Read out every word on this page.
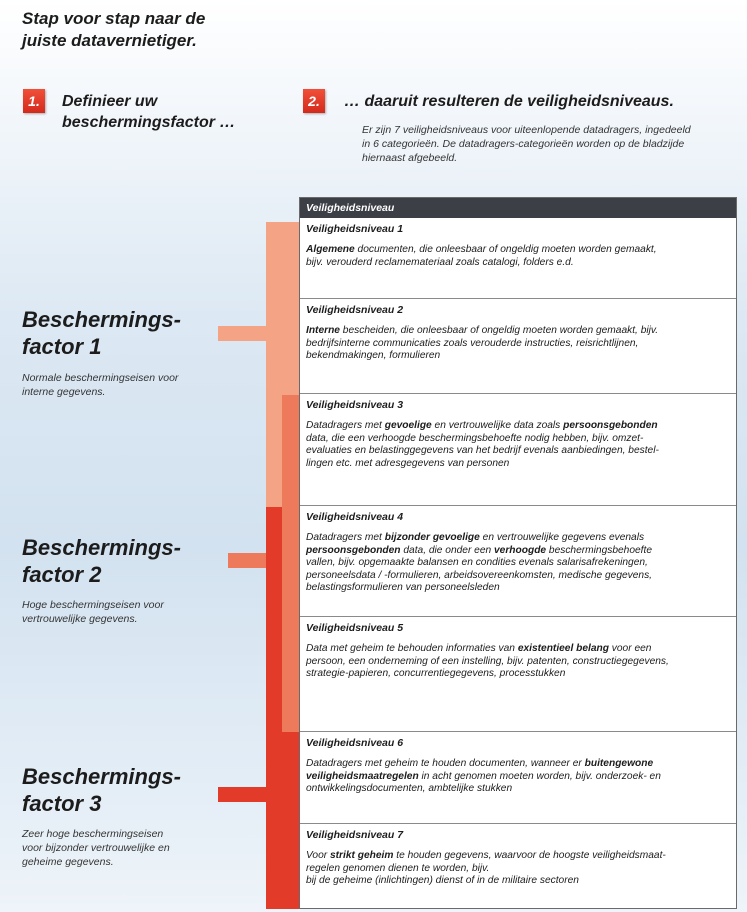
Stap voor stap naar de
juiste datavernietiger.
1.	Definieer uw
beschermingsfactor …
2.	… daaruit resulteren de veiligheidsniveaus.
Er zijn 7 veiligheidsniveaus voor uiteenlopende datadragers, ingedeeld
in 6 categorieën. De datadragers-categorieën worden op de bladzijde
hiernaast afgebeeld.
Beschermings-
factor 1
Normale beschermingseisen voor
interne gegevens.
Beschermings-
factor 2
Hoge beschermingseisen voor
vertrouwelijke gegevens.
Beschermings-
factor 3
Zeer hoge beschermingseisen
voor bijzonder vertrouwelijke en
geheime gegevens.
Veiligheidsniveau
Veiligheidsniveau 1
Algemene documenten, die onleesbaar of ongeldig moeten worden gemaakt,
bijv. verouderd reclamemateriaal zoals catalogi, folders e.d.
Veiligheidsniveau 2
Interne bescheiden, die onleesbaar of ongeldig moeten worden gemaakt, bijv.
bedrijfsinterne communicaties zoals verouderde instructies, reisrichtlijnen,
bekendmakingen, formulieren
Veiligheidsniveau 3
Datadragers met gevoelige en vertrouwelijke data zoals persoonsgebonden
data, die een verhoogde beschermingsbehoefte nodig hebben, bijv. omzet-
evaluaties en belastinggegevens van het bedrijf evenals aanbiedingen, bestel-
lingen etc. met adresgegevens van personen
Veiligheidsniveau 4
Datadragers met bijzonder gevoelige en vertrouwelijke gegevens evenals
persoonsgebonden data, die onder een verhoogde beschermingsbehoefte
vallen, bijv. opgemaakte balansen en condities evenals salarisafrekeningen,
personeelsdata / -formulieren, arbeidsovereenkomsten, medische gegevens,
belastingsformulieren van personeelsleden
Veiligheidsniveau 5
Data met geheim te behouden informaties van existentieel belang voor een
persoon, een onderneming of een instelling, bijv. patenten, constructiegegevens,
strategie-papieren, concurrentiegegevens, processtukken
Veiligheidsniveau 6
Datadragers met geheim te houden documenten, wanneer er buitengewone
veiligheidsmaatregelen in acht genomen moeten worden, bijv. onderzoek- en
ontwikkelingsdocumenten, ambtelijke stukken
Veiligheidsniveau 7
Voor strikt geheim te houden gegevens, waarvoor de hoogste veiligheidsmaat-
regelen genomen dienen te worden, bijv.
bij de geheime (inlichtingen) dienst of in de militaire sectoren
